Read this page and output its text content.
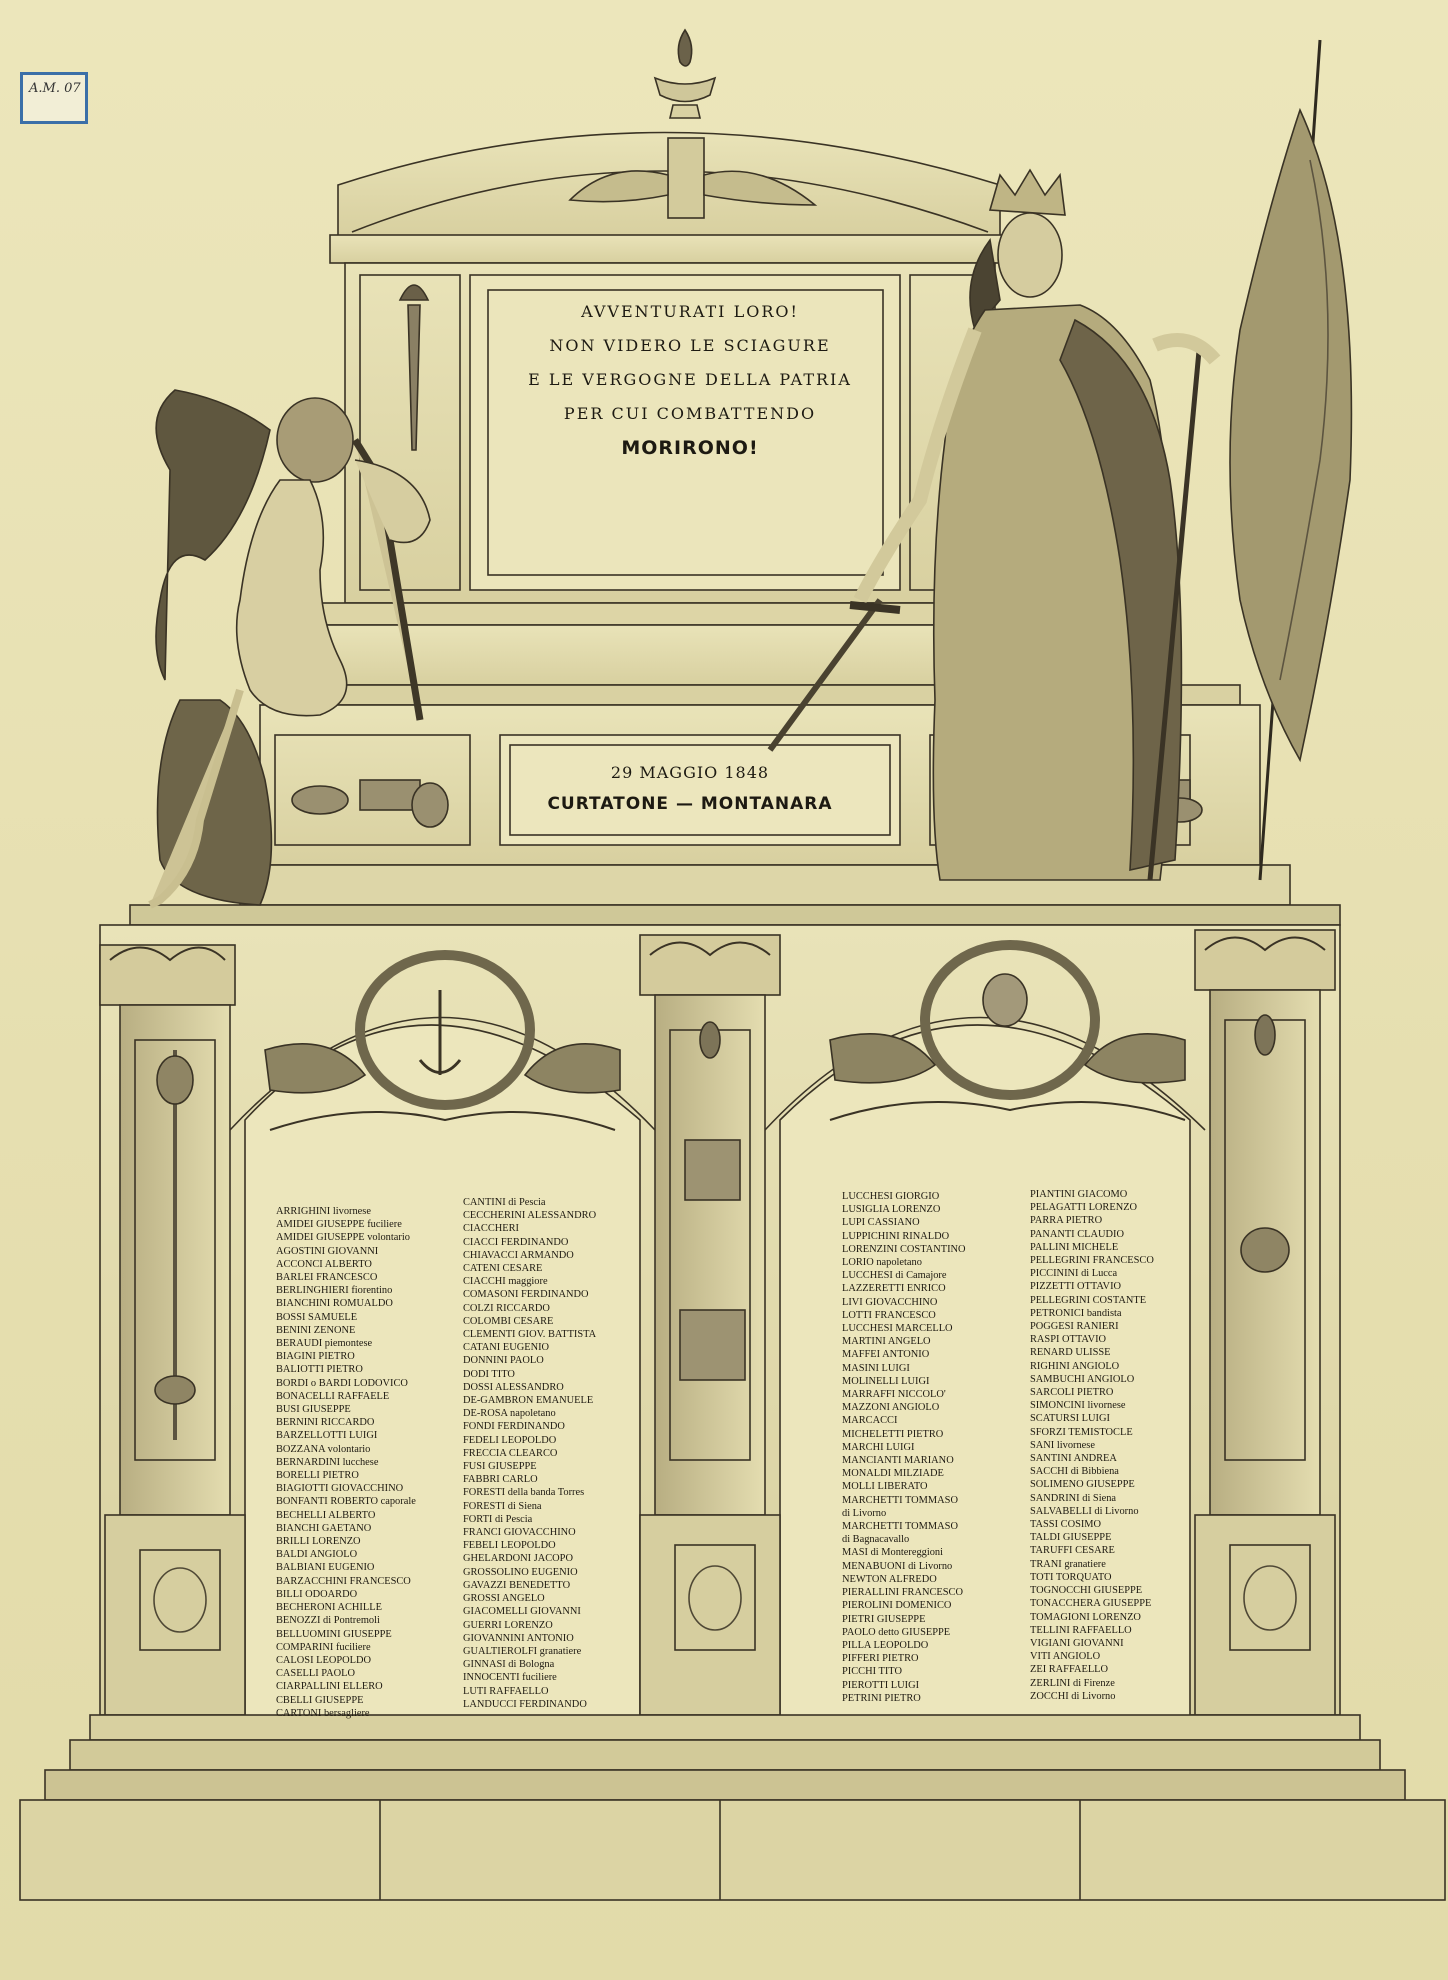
A.M. 07
AVVENTURATI LORO!
NON VIDERO LE SCIAGURE
E LE VERGOGNE DELLA PATRIA
PER CUI COMBATTENDO
MORIRONO!
29 MAGGIO 1848
CURTATONE — MONTANARA
ARRIGHINI livornese
AMIDEI GIUSEPPE fuciliere
AMIDEI GIUSEPPE volontario
AGOSTINI GIOVANNI
ACCONCI ALBERTO
BARLEI FRANCESCO
BERLINGHIERI fiorentino
BIANCHINI ROMUALDO
BOSSI SAMUELE
BENINI ZENONE
BERAUDI piemontese
BIAGINI PIETRO
BALIOTTI PIETRO
BORDI o BARDI LODOVICO
BONACELLI RAFFAELE
BUSI GIUSEPPE
BERNINI RICCARDO
BARZELLOTTI LUIGI
BOZZANA volontario
BERNARDINI lucchese
BORELLI PIETRO
BIAGIOTTI GIOVACCHINO
BONFANTI ROBERTO caporale
BECHELLI ALBERTO
BIANCHI GAETANO
BRILLI LORENZO
BALDI ANGIOLO
BALBIANI EUGENIO
BARZACCHINI FRANCESCO
BILLI ODOARDO
BECHERONI ACHILLE
BENOZZI di Pontremoli
BELLUOMINI GIUSEPPE
COMPARINI fuciliere
CALOSI LEOPOLDO
CASELLI PAOLO
CIARPALLINI ELLERO
CBELLI GIUSEPPE
CARTONI bersagliere
CANTINI di Pescia
CECCHERINI ALESSANDRO
CIACCHERI
CIACCI FERDINANDO
CHIAVACCI ARMANDO
CATENI CESARE
CIACCHI maggiore
COMASONI FERDINANDO
COLZI RICCARDO
COLOMBI CESARE
CLEMENTI GIOV. BATTISTA
CATANI EUGENIO
DONNINI PAOLO
DODI TITO
DOSSI ALESSANDRO
DE-GAMBRON EMANUELE
DE-ROSA napoletano
FONDI FERDINANDO
FEDELI LEOPOLDO
FRECCIA CLEARCO
FUSI GIUSEPPE
FABBRI CARLO
FORESTI della banda Torres
FORESTI di Siena
FORTI di Pescia
FRANCI GIOVACCHINO
FEBELI LEOPOLDO
GHELARDONI JACOPO
GROSSOLINO EUGENIO
GAVAZZI BENEDETTO
GROSSI ANGELO
GIACOMELLI GIOVANNI
GUERRI LORENZO
GIOVANNINI ANTONIO
GUALTIEROLFI granatiere
GINNASI di Bologna
INNOCENTI fuciliere
LUTI RAFFAELLO
LANDUCCI FERDINANDO
LUCCHESI GIORGIO
LUSIGLIA LORENZO
LUPI CASSIANO
LUPPICHINI RINALDO
LORENZINI COSTANTINO
LORIO napoletano
LUCCHESI di Camajore
LAZZERETTI ENRICO
LIVI GIOVACCHINO
LOTTI FRANCESCO
LUCCHESI MARCELLO
MARTINI ANGELO
MAFFEI ANTONIO
MASINI LUIGI
MOLINELLI LUIGI
MARRAFFI NICCOLO'
MAZZONI ANGIOLO
MARCACCI
MICHELETTI PIETRO
MARCHI LUIGI
MANCIANTI MARIANO
MONALDI MILZIADE
MOLLI LIBERATO
MARCHETTI TOMMASO
di Livorno
MARCHETTI TOMMASO
di Bagnacavallo
MASI di Montereggioni
MENABUONI di Livorno
NEWTON ALFREDO
PIERALLINI FRANCESCO
PIEROLINI DOMENICO
PIETRI GIUSEPPE
PAOLO detto GIUSEPPE
PILLA LEOPOLDO
PIFFERI PIETRO
PICCHI TITO
PIEROTTI LUIGI
PETRINI PIETRO
PIANTINI GIACOMO
PELAGATTI LORENZO
PARRA PIETRO
PANANTI CLAUDIO
PALLINI MICHELE
PELLEGRINI FRANCESCO
PICCININI di Lucca
PIZZETTI OTTAVIO
PELLEGRINI COSTANTE
PETRONICI bandista
POGGESI RANIERI
RASPI OTTAVIO
RENARD ULISSE
RIGHINI ANGIOLO
SAMBUCHI ANGIOLO
SARCOLI PIETRO
SIMONCINI livornese
SCATURSI LUIGI
SFORZI TEMISTOCLE
SANI livornese
SANTINI ANDREA
SACCHI di Bibbiena
SOLIMENO GIUSEPPE
SANDRINI di Siena
SALVABELLI di Livorno
TASSI COSIMO
TALDI GIUSEPPE
TARUFFI CESARE
TRANI granatiere
TOTI TORQUATO
TOGNOCCHI GIUSEPPE
TONACCHERA GIUSEPPE
TOMAGIONI LORENZO
TELLINI RAFFAELLO
VIGIANI GIOVANNI
VITI ANGIOLO
ZEI RAFFAELLO
ZERLINI di Firenze
ZOCCHI di Livorno
